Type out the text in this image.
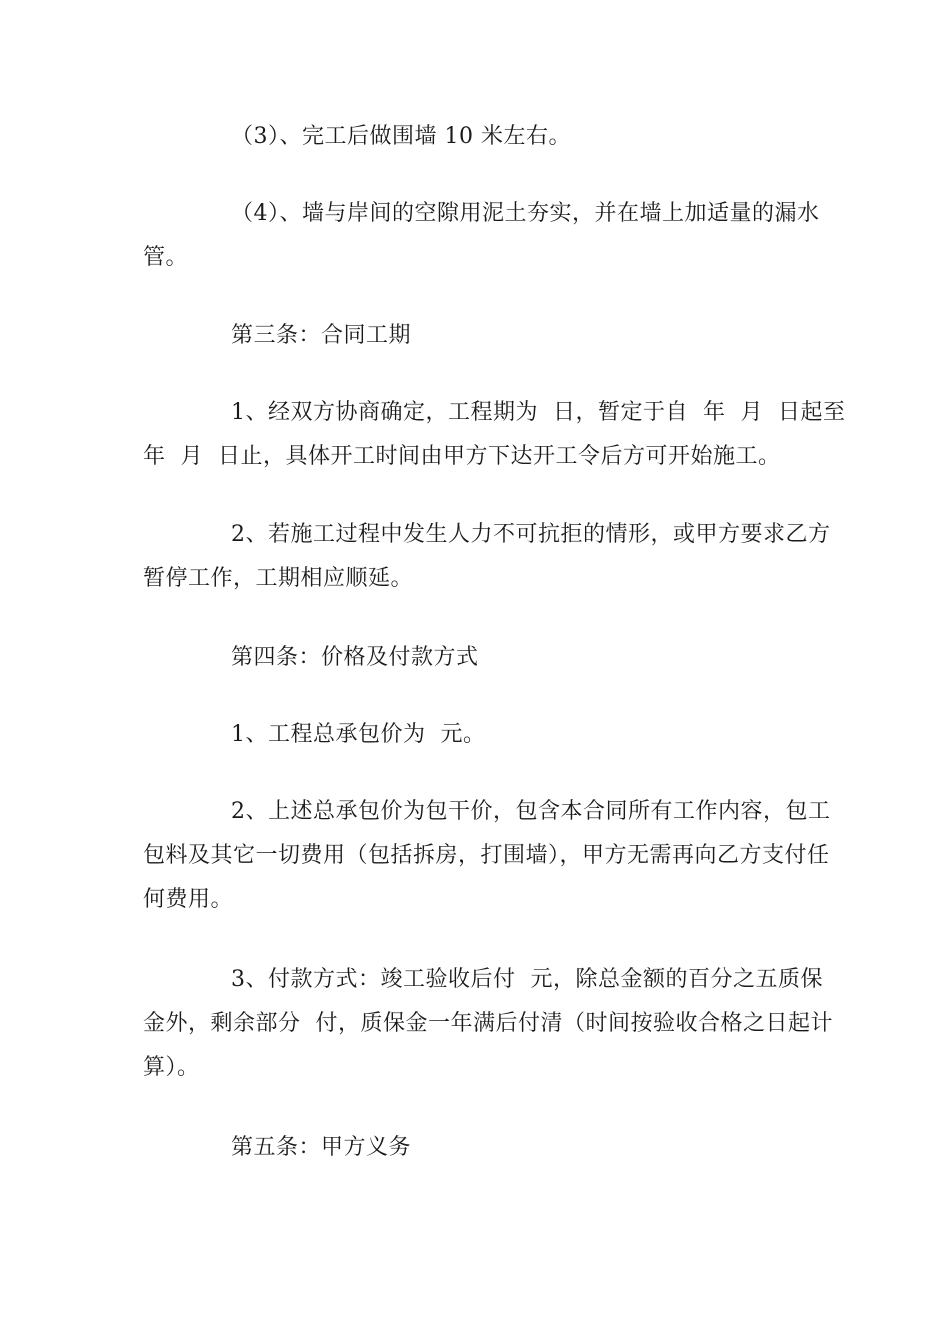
（3）、完工后做围墙 10 米左右。
（4）、墙与岸间的空隙用泥土夯实，并在墙上加适量的漏水
管。
第三条：合同工期
1、经双方协商确定，工程期为  日，暂定于自  年  月  日起至
年  月  日止，具体开工时间由甲方下达开工令后方可开始施工。
2、若施工过程中发生人力不可抗拒的情形，或甲方要求乙方
暂停工作，工期相应顺延。
第四条：价格及付款方式
1、工程总承包价为  元。
2、上述总承包价为包干价，包含本合同所有工作内容，包工
包料及其它一切费用（包括拆房，打围墙），甲方无需再向乙方支付任
何费用。
3、付款方式：竣工验收后付  元，除总金额的百分之五质保
金外，剩余部分  付，质保金一年满后付清（时间按验收合格之日起计
算）。
第五条：甲方义务
